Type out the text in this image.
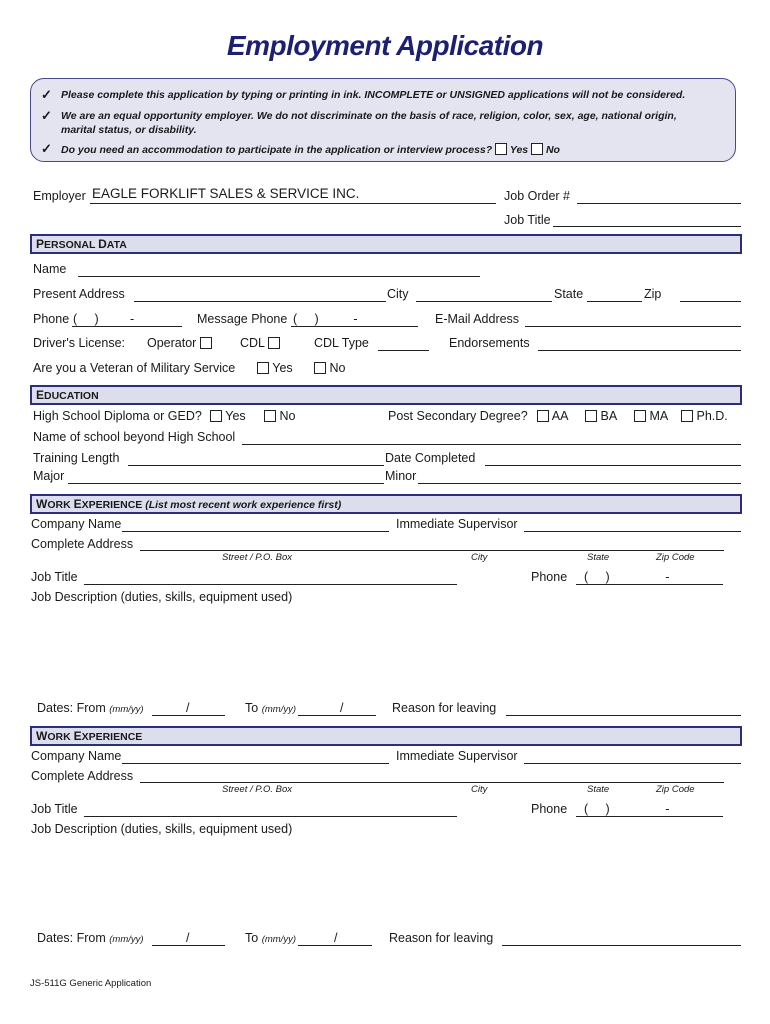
Employment Application
✓ Please complete this application by typing or printing in ink. INCOMPLETE or UNSIGNED applications will not be considered.
✓ We are an equal opportunity employer. We do not discriminate on the basis of race, religion, color, sex, age, national origin,
marital status, or disability.
✓ Do you need an accommodation to participate in the application or interview process? Yes No
Employer EAGLE FORKLIFT SALES & SERVICE INC.	Job Order #
Job Title
PERSONAL DATA
Name
Present Address	City	State	Zip
Phone (     )         -	Message Phone (     )          -	E-Mail Address
Driver's License: Operator	CDL	CDL Type	Endorsements
Are you a Veteran of Military Service	Yes	No
EDUCATION
High School Diploma or GED?	Yes	No	Post Secondary Degree?	AA	BA	MA	Ph.D.
Name of school beyond High School
Training Length	Date Completed
Major	Minor
WORK EXPERIENCE (List most recent work experience first)
Company Name	Immediate Supervisor
Complete Address
Street / P.O. Box	City	State	Zip Code
Job Title	Phone (     )                -
Job Description (duties, skills, equipment used)
Dates: From (mm/yy)	/	To (mm/yy)	/	Reason for leaving
WORK EXPERIENCE
Company Name	Immediate Supervisor
Complete Address
Street / P.O. Box	City	State	Zip Code
Job Title	Phone (     )                -
Job Description (duties, skills, equipment used)
Dates: From (mm/yy)	/	To (mm/yy)	/	Reason for leaving
JS-511G Generic Application
